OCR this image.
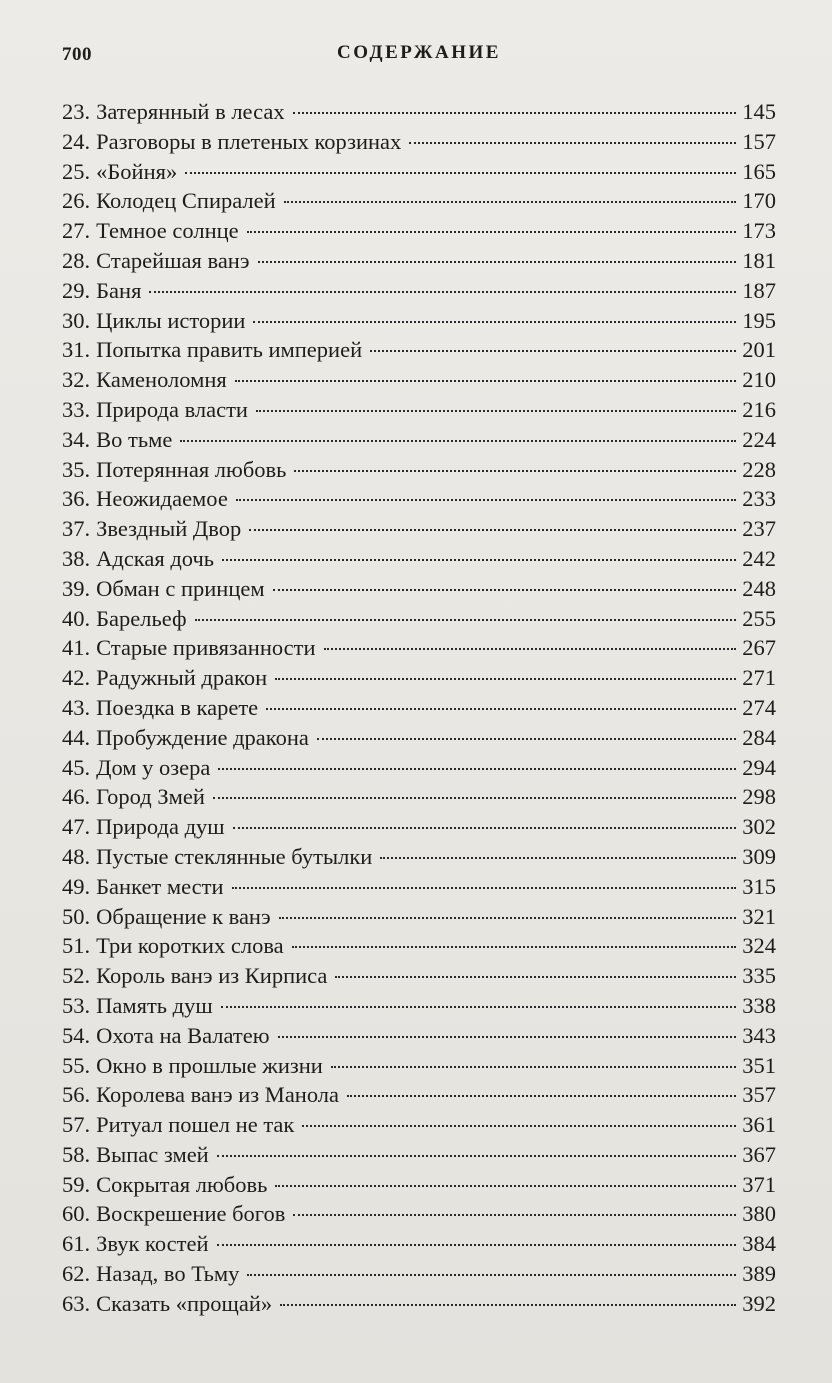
700	СОДЕРЖАНИЕ
23. Затерянный в лесах	145
24. Разговоры в плетеных корзинах	157
25. «Бойня»	165
26. Колодец Спиралей	170
27. Темное солнце	173
28. Старейшая ванэ	181
29. Баня	187
30. Циклы истории	195
31. Попытка править империей	201
32. Каменоломня	210
33. Природа власти	216
34. Во тьме	224
35. Потерянная любовь	228
36. Неожидаемое	233
37. Звездный Двор	237
38. Адская дочь	242
39. Обман с принцем	248
40. Барельеф	255
41. Старые привязанности	267
42. Радужный дракон	271
43. Поездка в карете	274
44. Пробуждение дракона	284
45. Дом у озера	294
46. Город Змей	298
47. Природа душ	302
48. Пустые стеклянные бутылки	309
49. Банкет мести	315
50. Обращение к ванэ	321
51. Три коротких слова	324
52. Король ванэ из Кирписа	335
53. Память душ	338
54. Охота на Валатею	343
55. Окно в прошлые жизни	351
56. Королева ванэ из Манола	357
57. Ритуал пошел не так	361
58. Выпас змей	367
59. Сокрытая любовь	371
60. Воскрешение богов	380
61. Звук костей	384
62. Назад, во Тьму	389
63. Сказать «прощай»	392
